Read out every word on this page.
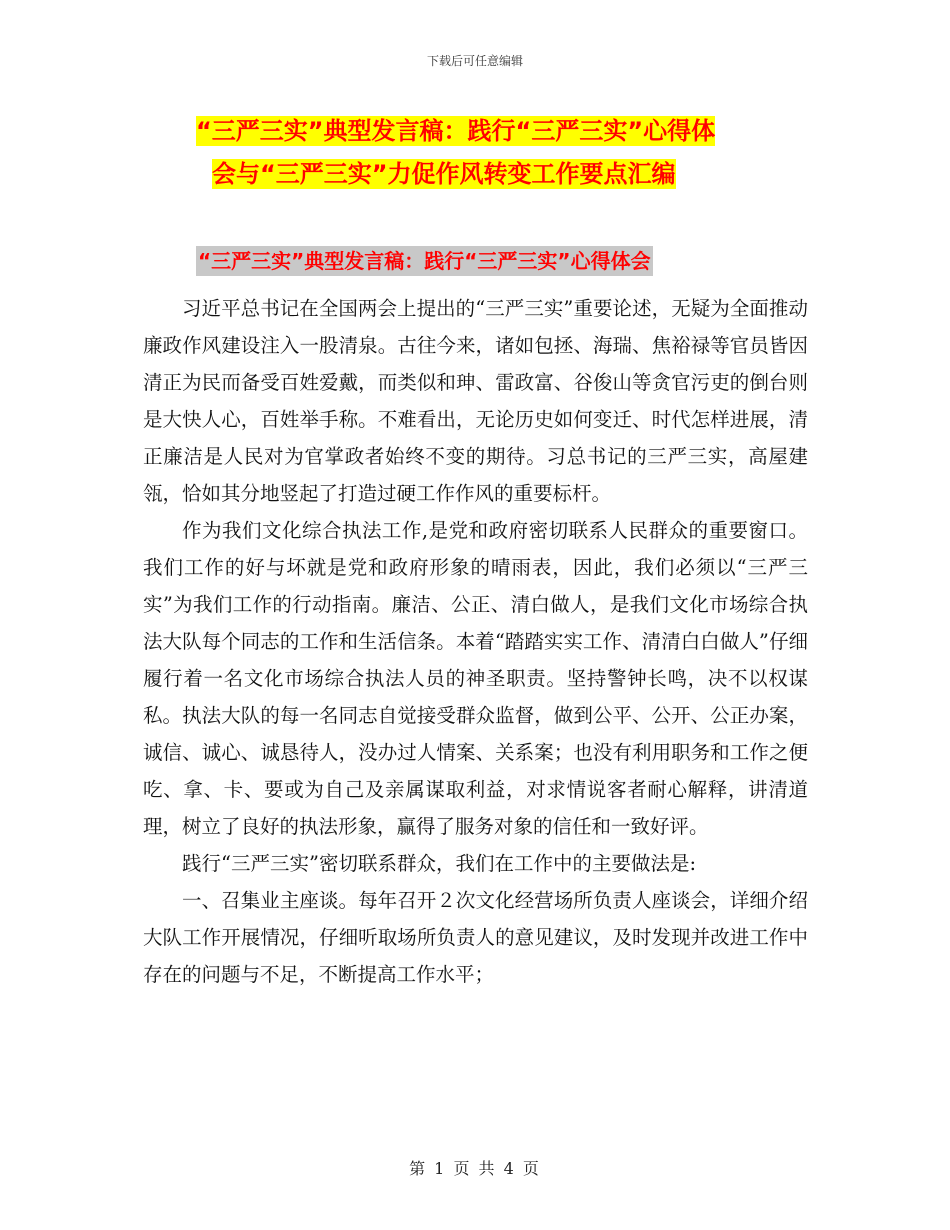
下载后可任意编辑
“三严三实”典型发言稿：践行“三严三实”心得体
会与“三严三实”力促作风转变工作要点汇编
“三严三实”典型发言稿：践行“三严三实”心得体会

习近平总书记在全国两会上提出的“三严三实”重要论述，无疑为全面推动廉政作风建设注入一股清泉。古往今来，诸如包拯、海瑞、焦裕禄等官员皆因清正为民而备受百姓爱戴，而类似和珅、雷政富、谷俊山等贪官污吏的倒台则是大快人心，百姓举手称。不难看出，无论历史如何变迁、时代怎样进展，清正廉洁是人民对为官掌政者始终不变的期待。习总书记的三严三实，高屋建瓴，恰如其分地竖起了打造过硬工作作风的重要标杆。

作为我们文化综合执法工作,是党和政府密切联系人民群众的重要窗口。我们工作的好与坏就是党和政府形象的晴雨表，因此，我们必须以“三严三实”为我们工作的行动指南。廉洁、公正、清白做人，是我们文化市场综合执法大队每个同志的工作和生活信条。本着“踏踏实实工作、清清白白做人”仔细履行着一名文化市场综合执法人员的神圣职责。坚持警钟长鸣，决不以权谋私。执法大队的每一名同志自觉接受群众监督，做到公平、公开、公正办案，诚信、诚心、诚恳待人，没办过人情案、关系案；也没有利用职务和工作之便吃、拿、卡、要或为自己及亲属谋取利益，对求情说客者耐心解释，讲清道理，树立了良好的执法形象，赢得了服务对象的信任和一致好评。

践行“三严三实”密切联系群众，我们在工作中的主要做法是:

一、召集业主座谈。每年召开２次文化经营场所负责人座谈会，详细介绍大队工作开展情况，仔细听取场所负责人的意见建议，及时发现并改进工作中存在的问题与不足，不断提高工作水平；

第 1 页 共 4 页
